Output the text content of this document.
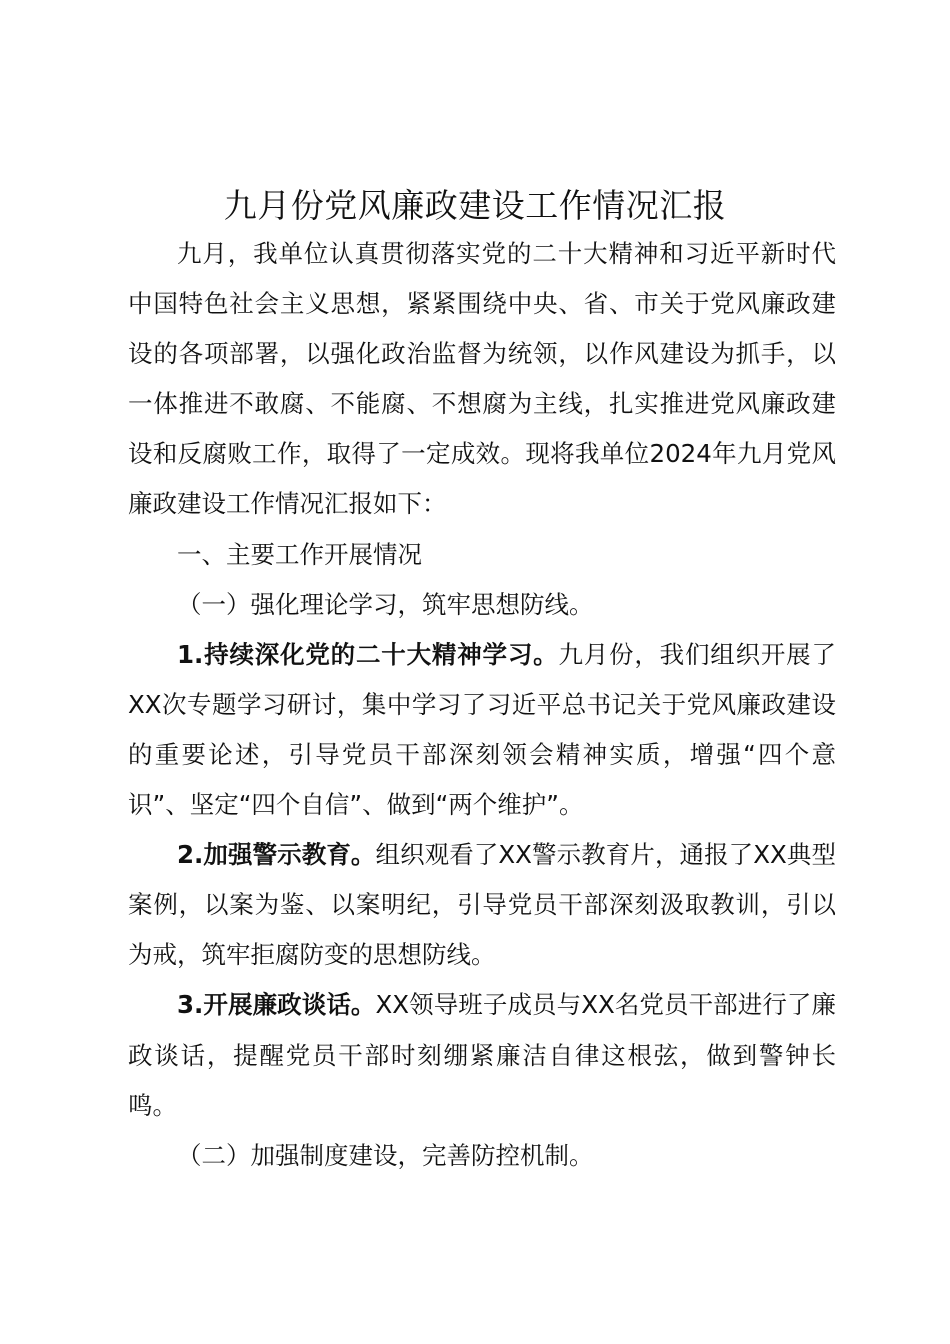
九月份党风廉政建设工作情况汇报

九月，我单位认真贯彻落实党的二十大精神和习近平新时代中国特色社会主义思想，紧紧围绕中央、省、市关于党风廉政建设的各项部署，以强化政治监督为统领，以作风建设为抓手，以一体推进不敢腐、不能腐、不想腐为主线，扎实推进党风廉政建设和反腐败工作，取得了一定成效。现将我单位2024年九月党风廉政建设工作情况汇报如下：

一、主要工作开展情况

（一）强化理论学习，筑牢思想防线。

1.持续深化党的二十大精神学习。九月份，我们组织开展了XX次专题学习研讨，集中学习了习近平总书记关于党风廉政建设的重要论述，引导党员干部深刻领会精神实质，增强“四个意识”、坚定“四个自信”、做到“两个维护”。

2.加强警示教育。组织观看了XX警示教育片，通报了XX典型案例，以案为鉴、以案明纪，引导党员干部深刻汲取教训，引以为戒，筑牢拒腐防变的思想防线。

3.开展廉政谈话。XX领导班子成员与XX名党员干部进行了廉政谈话，提醒党员干部时刻绷紧廉洁自律这根弦，做到警钟长鸣。

（二）加强制度建设，完善防控机制。
